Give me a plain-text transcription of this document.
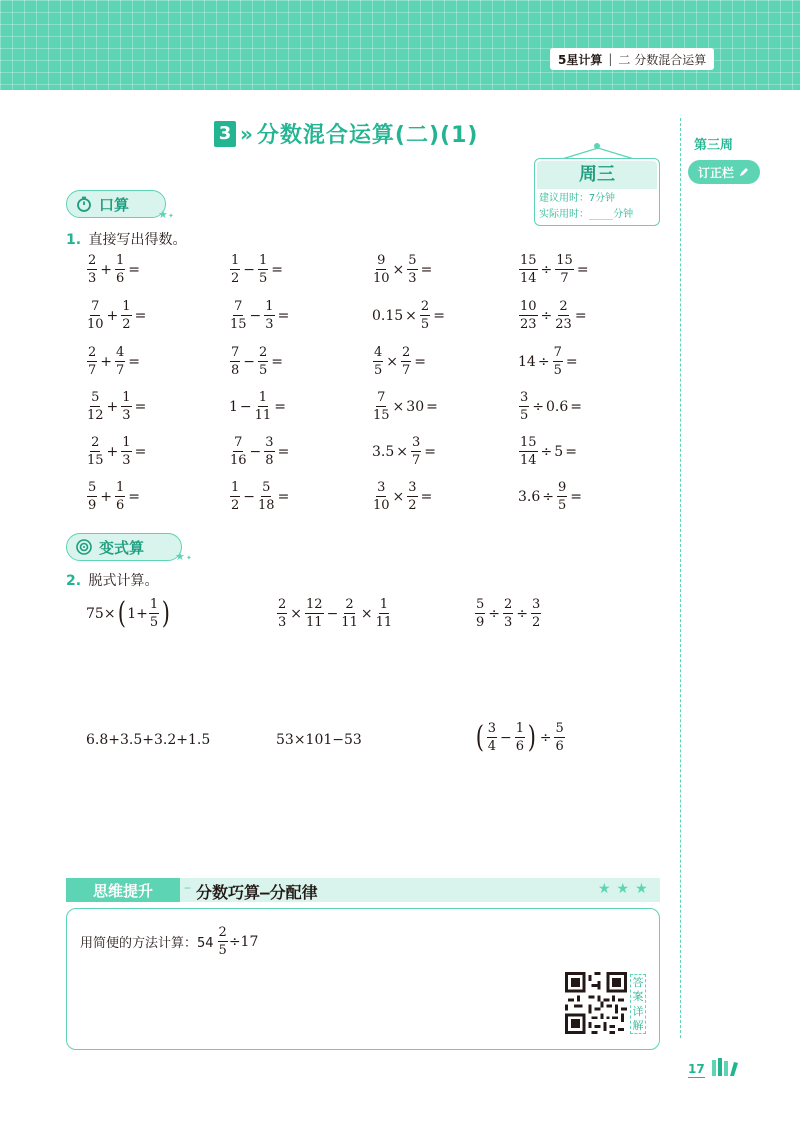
5星计算 | 二 分数混合运算
3 » 分数混合运算(二)(1)
周三
建议用时：7分钟
实际用时：____分钟
第三周
订正栏
口算
★ ✦
1. 直接写出得数。
$\frac{2}{3} + \frac{1}{6}$ =	$\frac{1}{2} - \frac{1}{5}$ =	$\frac{9}{10} \times \frac{5}{3}$ =	$\frac{15}{14} \div \frac{15}{7}$ =
$\frac{7}{10} + \frac{1}{2}$ =	$\frac{7}{15} - \frac{1}{3}$ =	$0.15 \times \frac{2}{5}$ =	$\frac{10}{23} \div \frac{2}{23}$ =
$\frac{2}{7} + \frac{4}{7}$ =	$\frac{7}{8} - \frac{2}{5}$ =	$\frac{4}{5} \times \frac{2}{7}$ =	$14 \div \frac{7}{5}$ =
$\frac{5}{12} + \frac{1}{3}$ =	$1 - \frac{1}{11}$ =	$\frac{7}{15} \times 30$ =	$\frac{3}{5} \div 0.6$ =
$\frac{2}{15} + \frac{1}{3}$ =	$\frac{7}{16} - \frac{3}{8}$ =	$3.5 \times \frac{3}{7}$ =	$\frac{15}{14} \div 5$ =
$\frac{5}{9} + \frac{1}{6}$ =	$\frac{1}{2} - \frac{5}{18}$ =	$\frac{3}{10} \times \frac{3}{2}$ =	$3.6 \div \frac{9}{5}$ =
变式算	★ ✦
2. 脱式计算。
75× ( $1+ \frac{1}{5}$ )	$\frac{2}{3} \times \frac{12}{11} - \frac{2}{11} \times \frac{1}{11}$	$\frac{5}{9} \div \frac{2}{3} \div \frac{3}{2}$
6.8+3.5+3.2+1.5	53×101−53	( $\frac{3}{4} - \frac{1}{6}$ ) ÷ $\frac{5}{6}$
思维提升 – 分数巧算—分配律	★★★
用简便的方法计算：$54 \frac{2}{5} \div 17$
答
案
详
解
17
